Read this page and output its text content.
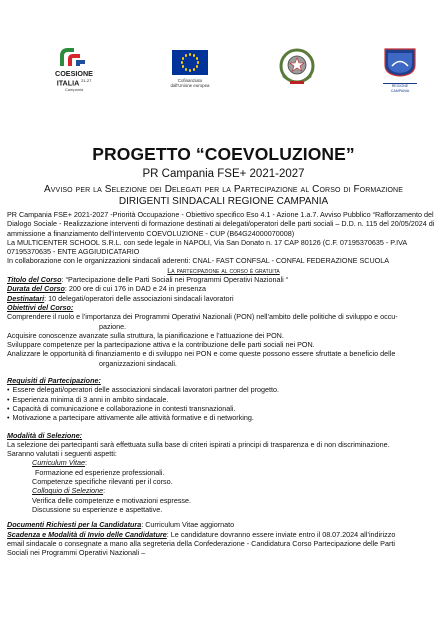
COESIONE
ITALIA $^{21-27}$
Campania
Cofinanziato
dall'Unione europea	REGIONE CAMPANIA
PROGETTO “COEVOLUZIONE”
PR Campania FSE+ 2021-2027
Avviso per la Selezione dei Delegati per la Partecipazione al Corso di Formazione
DIRIGENTI SINDACALI REGIONE CAMPANIA

PR Campania FSE+ 2021-2027 -Priorità Occupazione - Obiettivo specifico Eso 4.1 - Azione 1.a.7. Avviso Pubblico “Rafforzamento del Dialogo Sociale - Realizzazione interventi di formazione destinati ai delegati/operatori delle parti sociali – D.D. n. 115 del 20/05/2024 di ammissione a finanziamento dell’intervento COEVOLUZIONE - CUP (B64G24000070008)

La MULTICENTER SCHOOL S.R.L. con sede legale in NAPOLI, Via San Donato n. 17 CAP 80126 (C.F. 07195370635 - P.IVA 07195370635 - ENTE AGGIUDICATARIO

In collaborazione con le organizzazioni sindacali aderenti: CNAL- FAST CONFSAL - CONFAL FEDERAZIONE SCUOLA

La partecipazione al corso è gratuita

Titolo del Corso: “Partecipazione delle Parti Sociali nei Programmi Operativi Nazionali “

Durata del Corso: 200 ore di cui 176 in DAD e 24 in presenza

Destinatari: 10 delegati/operatori delle associazioni sindacali lavoratori

Obiettivi del Corso:

Comprendere il ruolo e l’importanza dei Programmi Operativi Nazionali (PON) nell’ambito delle politiche di sviluppo e occu-

pazione.

Acquisire conoscenze avanzate sulla struttura, la pianificazione e l’attuazione dei PON.

Sviluppare competenze per la partecipazione attiva e la contribuzione delle parti sociali nei PON.

Analizzare le opportunità di finanziamento e di sviluppo nei PON e come queste possono essere sfruttate a beneficio delle

organizzazioni sindacali.

Requisiti di Partecipazione:

• Essere delegati/operatori delle associazioni sindacali lavoratori partner del progetto.

• Esperienza minima di 3 anni in ambito sindacale.

• Capacità di comunicazione e collaborazione in contesti transnazionali.

• Motivazione a partecipare attivamente alle attività formative e di networking.

Modalità di Selezione:

La selezione dei partecipanti sarà effettuata sulla base di criteri ispirati a principi di trasparenza e di non discriminazione.

Saranno valutati i seguenti aspetti:

Curriculum Vitae:

Formazione ed esperienze professionali.

Competenze specifiche rilevanti per il corso.

Colloquio di Selezione:

Verifica delle competenze e motivazioni espresse.

Discussione su esperienze e aspettative.

Documenti Richiesti per la Candidatura: Curriculum Vitae aggiornato

Scadenza e Modalità di Invio delle Candidature: Le candidature dovranno essere inviate entro il 08.07.2024 all’indirizzo

email sindacale o consegnate a mano alla segreteria della Confederazione - Candidatura Corso Partecipazione delle Parti

Sociali nei Programmi Operativi Nazionali –
